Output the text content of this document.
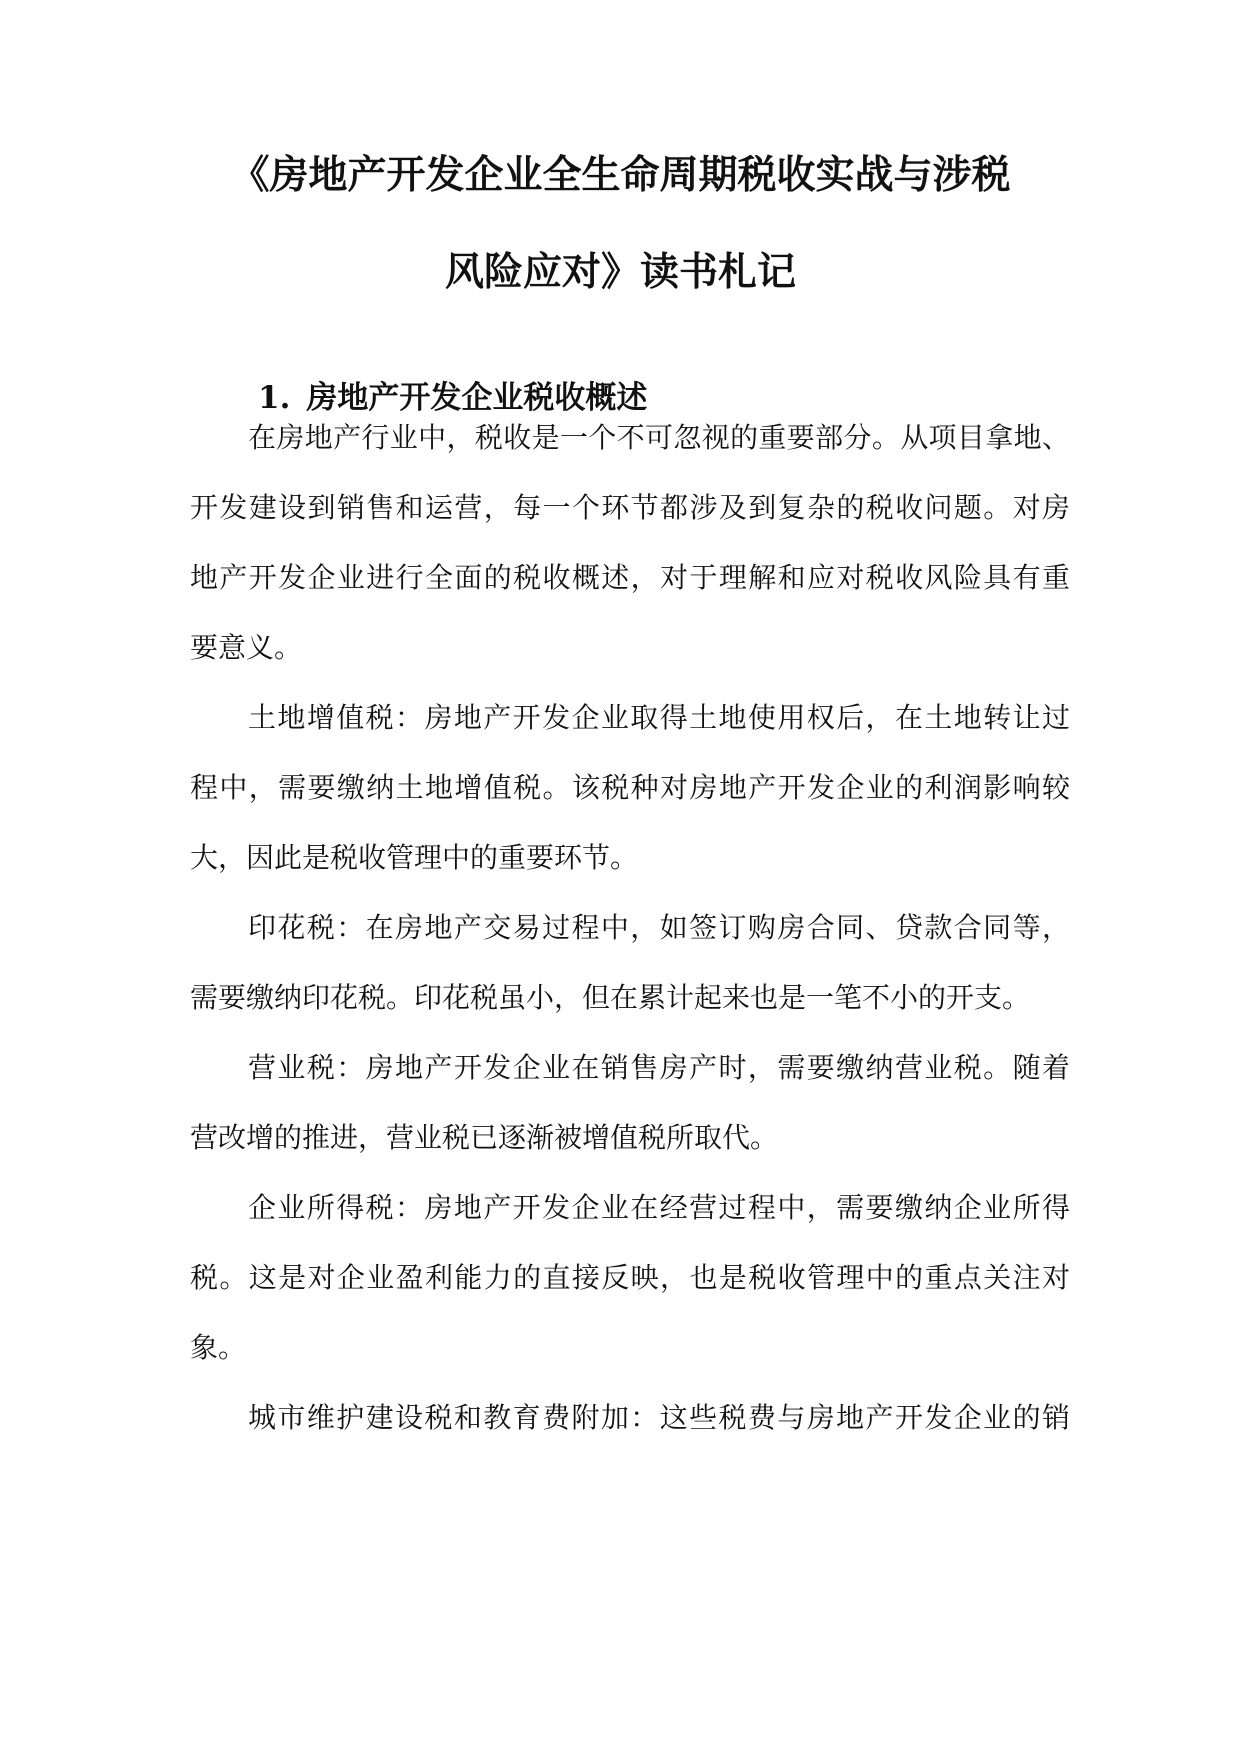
《房地产开发企业全生命周期税收实战与涉税
风险应对》读书札记
1. 房地产开发企业税收概述
在房地产行业中，税收是一个不可忽视的重要部分。从项目拿地、
开发建设到销售和运营，每一个环节都涉及到复杂的税收问题。对房
地产开发企业进行全面的税收概述，对于理解和应对税收风险具有重
要意义。
土地增值税：房地产开发企业取得土地使用权后，在土地转让过
程中，需要缴纳土地增值税。该税种对房地产开发企业的利润影响较
大，因此是税收管理中的重要环节。
印花税：在房地产交易过程中，如签订购房合同、贷款合同等，
需要缴纳印花税。印花税虽小，但在累计起来也是一笔不小的开支。
营业税：房地产开发企业在销售房产时，需要缴纳营业税。随着
营改增的推进，营业税已逐渐被增值税所取代。
企业所得税：房地产开发企业在经营过程中，需要缴纳企业所得
税。这是对企业盈利能力的直接反映，也是税收管理中的重点关注对
象。
城市维护建设税和教育费附加：这些税费与房地产开发企业的销
